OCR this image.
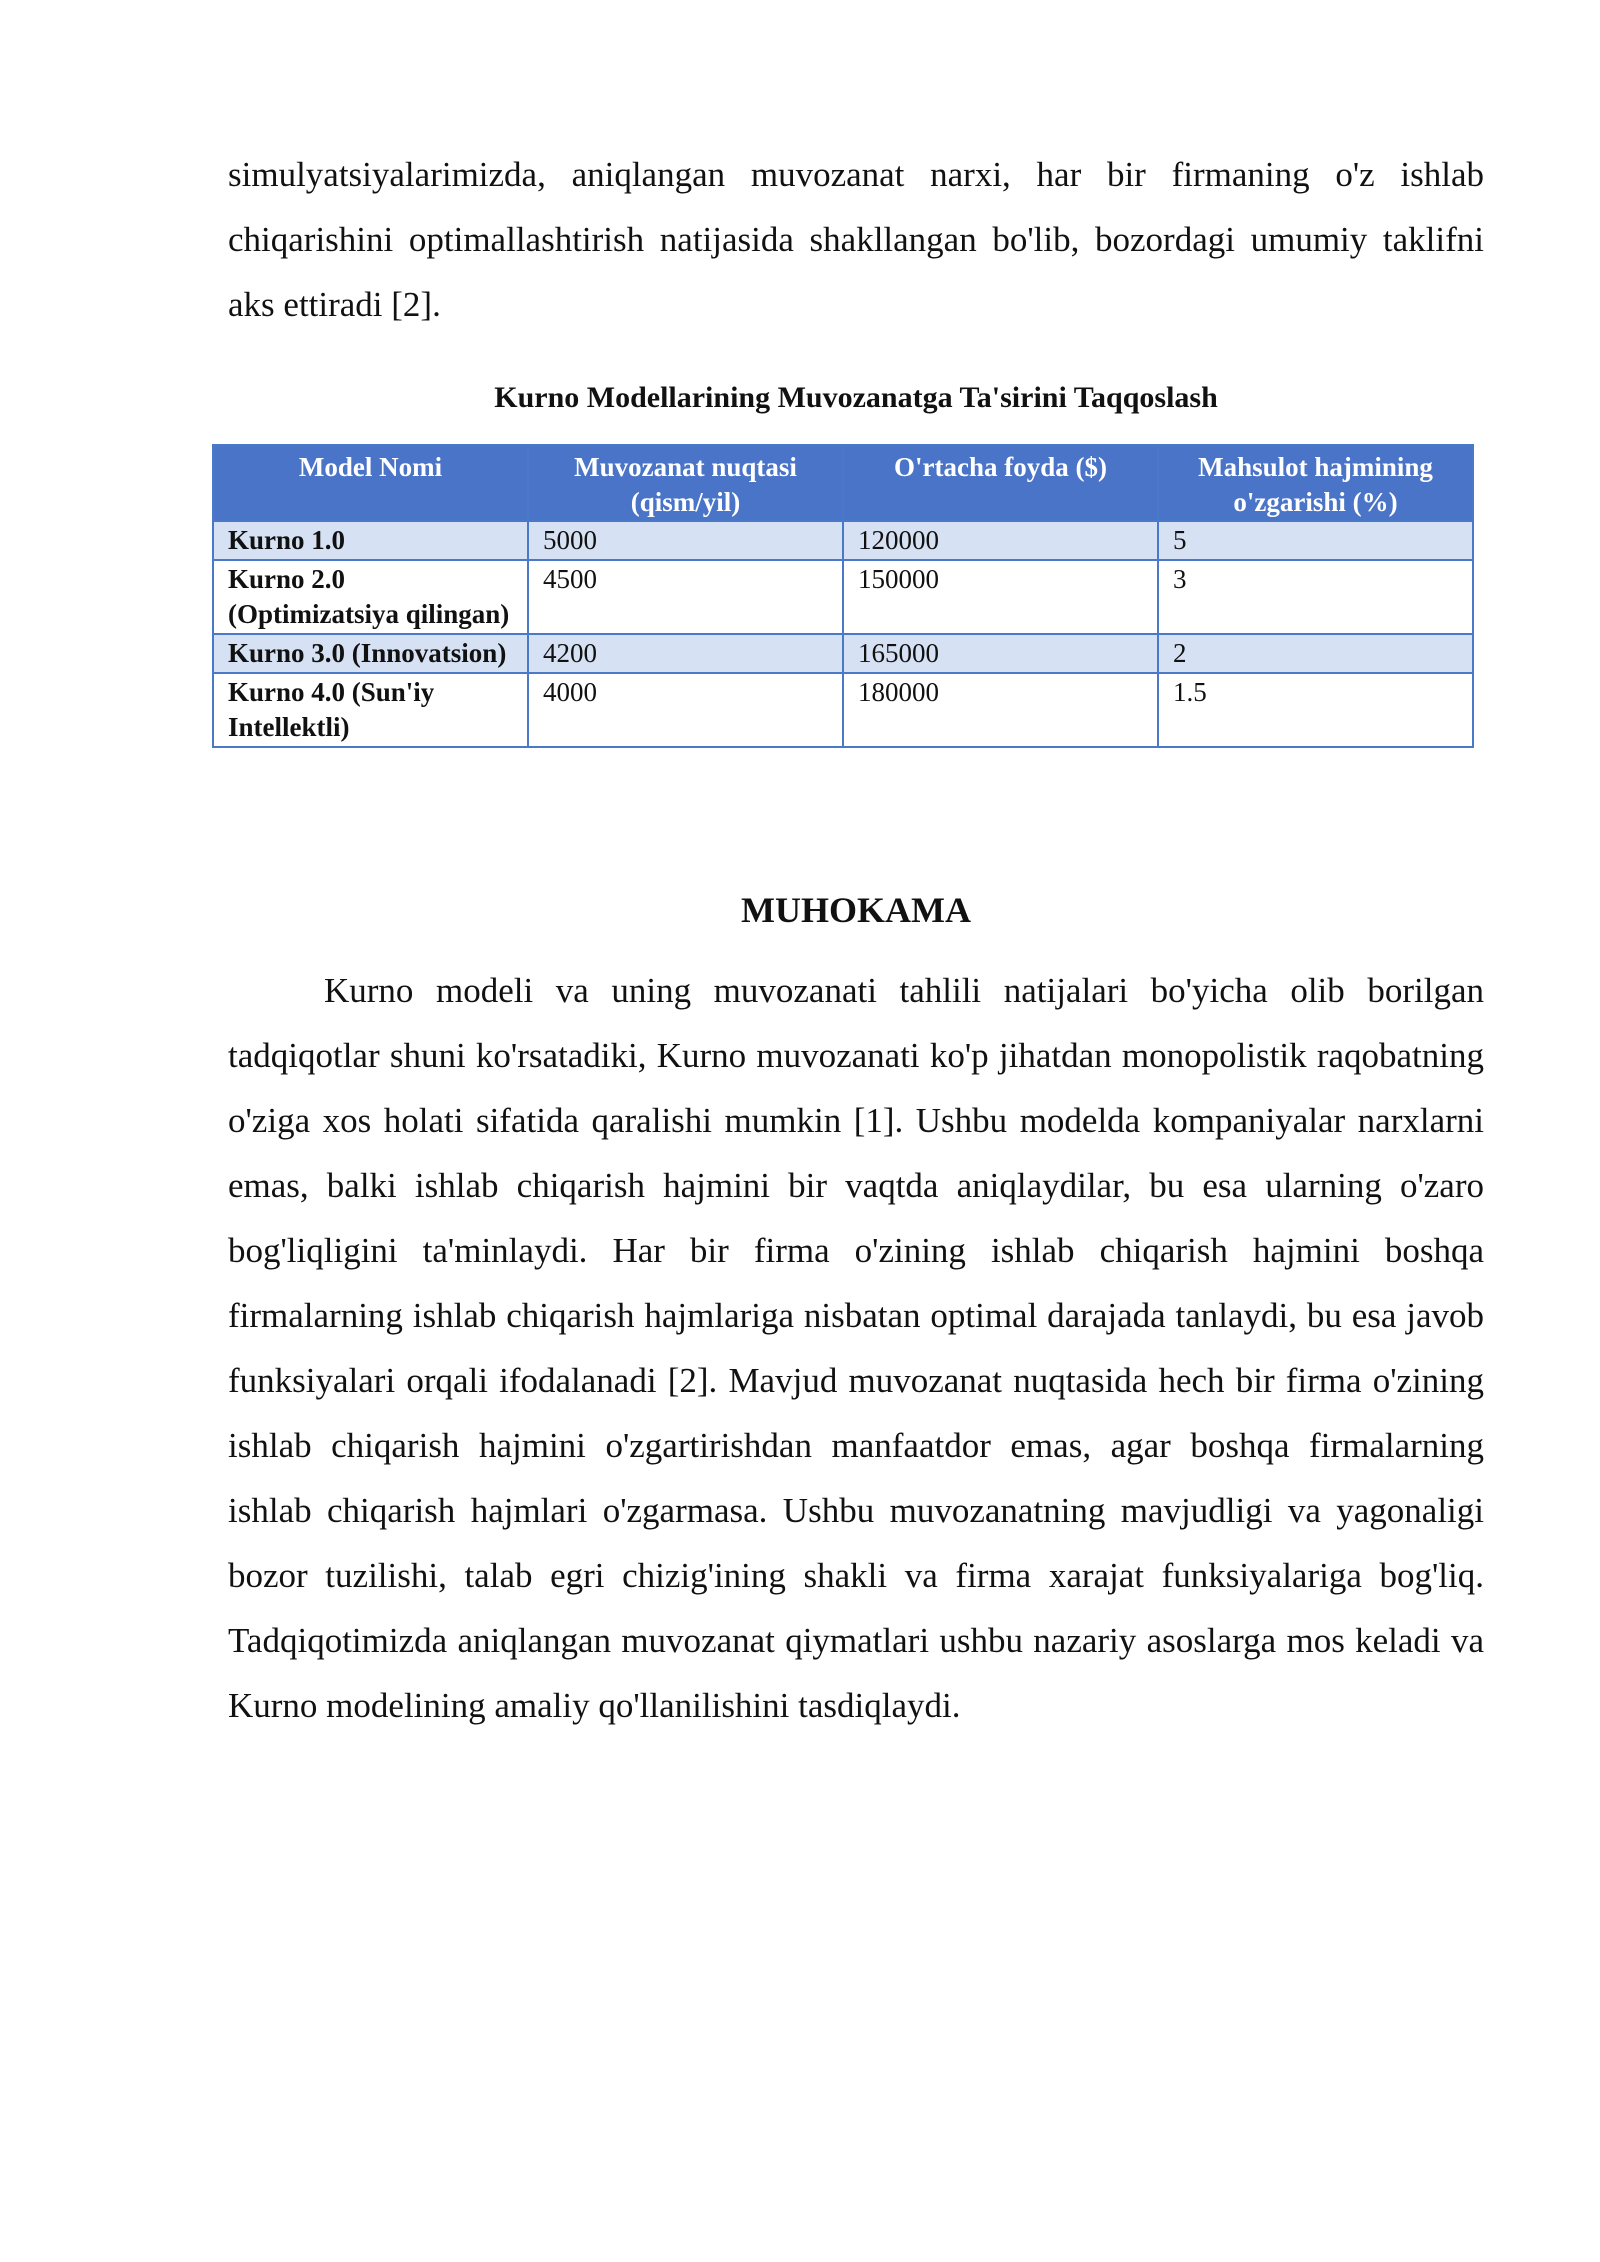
simulyatsiyalarimizda, aniqlangan muvozanat narxi, har bir firmaning o'z ishlab chiqarishini optimallashtirish natijasida shakllangan bo'lib, bozordagi umumiy taklifni aks ettiradi [2].

Kurno Modellarining Muvozanatga Ta'sirini Taqqoslash

Model Nomi	Muvozanat nuqtasi (qism/yil)	O'rtacha foyda ($)	Mahsulot hajmining o'zgarishi (%)
Kurno 1.0	5000	120000	5
Kurno 2.0 (Optimizatsiya qilingan)	4500	150000	3
Kurno 3.0 (Innovatsion)	4200	165000	2
Kurno 4.0 (Sun'iy Intellektli)	4000	180000	1.5
MUHOKAMA

Kurno modeli va uning muvozanati tahlili natijalari bo'yicha olib borilgan tadqiqotlar shuni ko'rsatadiki, Kurno muvozanati ko'p jihatdan monopolistik raqobatning o'ziga xos holati sifatida qaralishi mumkin [1]. Ushbu modelda kompaniyalar narxlarni emas, balki ishlab chiqarish hajmini bir vaqtda aniqlaydilar, bu esa ularning o'zaro bog'liqligini ta'minlaydi. Har bir firma o'zining ishlab chiqarish hajmini boshqa firmalarning ishlab chiqarish hajmlariga nisbatan optimal darajada tanlaydi, bu esa javob funksiyalari orqali ifodalanadi [2]. Mavjud muvozanat nuqtasida hech bir firma o'zining ishlab chiqarish hajmini o'zgartirishdan manfaatdor emas, agar boshqa firmalarning ishlab chiqarish hajmlari o'zgarmasa. Ushbu muvozanatning mavjudligi va yagonaligi bozor tuzilishi, talab egri chizig'ining shakli va firma xarajat funksiyalariga bog'liq. Tadqiqotimizda aniqlangan muvozanat qiymatlari ushbu nazariy asoslarga mos keladi va Kurno modelining amaliy qo'llanilishini tasdiqlaydi.
